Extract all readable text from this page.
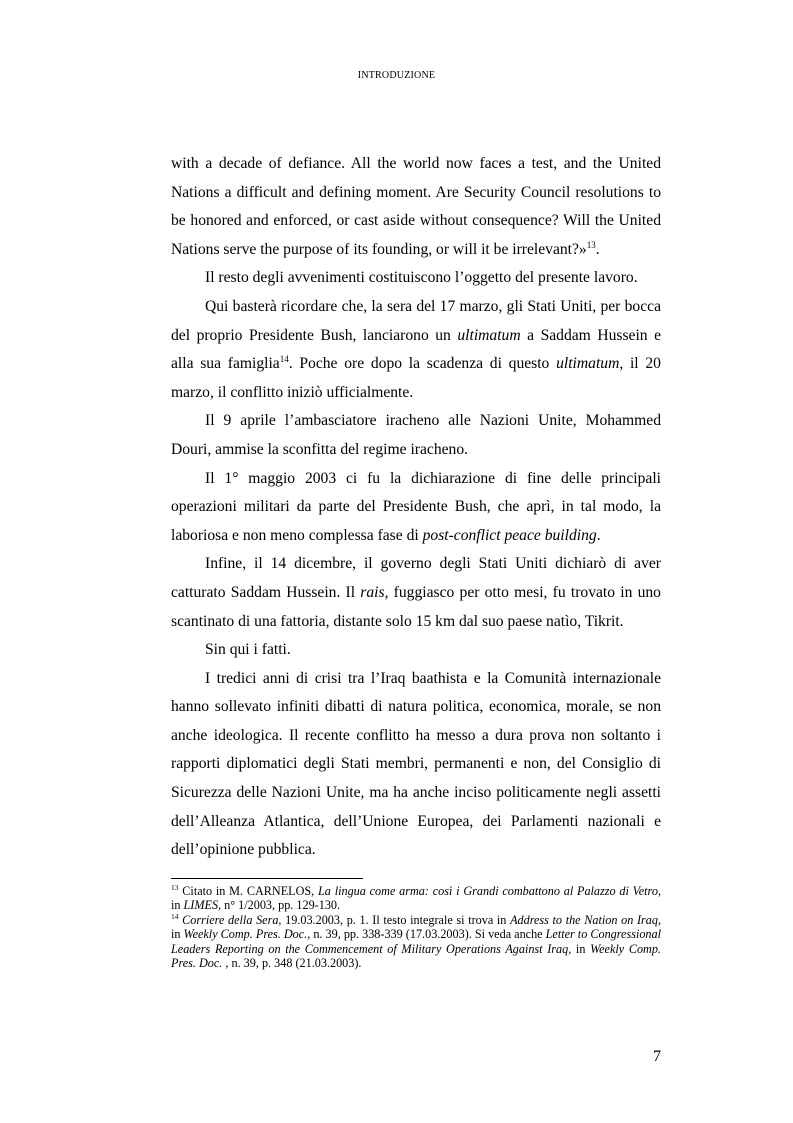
INTRODUZIONE

with a decade of defiance. All the world now faces a test, and the United Nations a difficult and defining moment. Are Security Council resolutions to be honored and enforced, or cast aside without consequence? Will the United Nations serve the purpose of its founding, or will it be irrelevant?»$^{13}$.

Il resto degli avvenimenti costituiscono l’oggetto del presente lavoro.

Qui basterà ricordare che, la sera del 17 marzo, gli Stati Uniti, per bocca del proprio Presidente Bush, lanciarono un ultimatum a Saddam Hussein e alla sua famiglia$^{14}$. Poche ore dopo la scadenza di questo ultimatum, il 20 marzo, il conflitto iniziò ufficialmente.

Il 9 aprile l’ambasciatore iracheno alle Nazioni Unite, Mohammed Douri, ammise la sconfitta del regime iracheno.

Il 1° maggio 2003 ci fu la dichiarazione di fine delle principali operazioni militari da parte del Presidente Bush, che aprì, in tal modo, la laboriosa e non meno complessa fase di post-conflict peace building.

Infine, il 14 dicembre, il governo degli Stati Uniti dichiarò di aver catturato Saddam Hussein. Il rais, fuggiasco per otto mesi, fu trovato in uno scantinato di una fattoria, distante solo 15 km dal suo paese natìo, Tikrit.

Sin qui i fatti.

I tredici anni di crisi tra l’Iraq baathista e la Comunità internazionale hanno sollevato infiniti dibatti di natura politica, economica, morale, se non anche ideologica. Il recente conflitto ha messo a dura prova non soltanto i rapporti diplomatici degli Stati membri, permanenti e non, del Consiglio di Sicurezza delle Nazioni Unite, ma ha anche inciso politicamente negli assetti dell’Alleanza Atlantica, dell’Unione Europea, dei Parlamenti nazionali e dell’opinione pubblica.

$^{13}$ Citato in M. CARNELOS, La lingua come arma: così i Grandi combattono al Palazzo di Vetro, in LIMES, n° 1/2003, pp. 129-130.

$^{14}$ Corriere della Sera, 19.03.2003, p. 1. Il testo integrale si trova in Address to the Nation on Iraq, in Weekly Comp. Pres. Doc., n. 39, pp. 338-339 (17.03.2003). Si veda anche Letter to Congressional Leaders Reporting on the Commencement of Military Operations Against Iraq, in Weekly Comp. Pres. Doc. , n. 39, p. 348 (21.03.2003).

7
